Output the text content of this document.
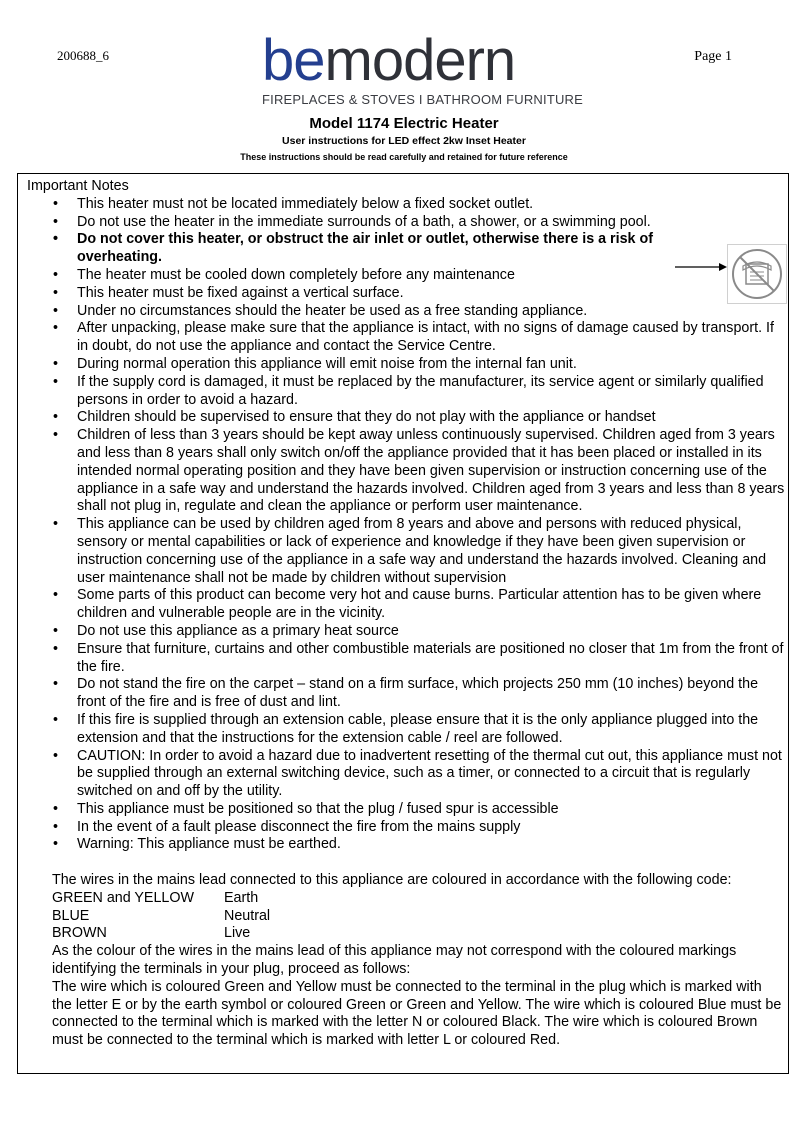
200688_6	Page 1
bemodern
FIREPLACES & STOVES I BATHROOM FURNITURE
Model 1174 Electric Heater
User instructions for LED effect 2kw Inset Heater
These instructions should be read carefully and retained for future reference
Important Notes
• This heater must not be located immediately below a fixed socket outlet.
• Do not use the heater in the immediate surrounds of a bath, a shower, or a swimming pool.
• Do not cover this heater, or obstruct the air inlet or outlet, otherwise there is a risk of overheating.
• The heater must be cooled down completely before any maintenance
• This heater must be fixed against a vertical surface.
• Under no circumstances should the heater be used as a free standing appliance.
• After unpacking, please make sure that the appliance is intact, with no signs of damage caused by transport. If in doubt, do not use the appliance and contact the Service Centre.
• During normal operation this appliance will emit noise from the internal fan unit.
• If the supply cord is damaged, it must be replaced by the manufacturer, its service agent or similarly qualified persons in order to avoid a hazard.
• Children should be supervised to ensure that they do not play with the appliance or handset
• Children of less than 3 years should be kept away unless continuously supervised. Children aged from 3 years and less than 8 years shall only switch on/off the appliance provided that it has been placed or installed in its intended normal operating position and they have been given supervision or instruction concerning use of the appliance in a safe way and understand the hazards involved. Children aged from 3 years and less than 8 years shall not plug in, regulate and clean the appliance or perform user maintenance.
• This appliance can be used by children aged from 8 years and above and persons with reduced physical, sensory or mental capabilities or lack of experience and knowledge if they have been given supervision or instruction concerning use of the appliance in a safe way and understand the hazards involved. Cleaning and user maintenance shall not be made by children without supervision
• Some parts of this product can become very hot and cause burns. Particular attention has to be given where children and vulnerable people are in the vicinity.
• Do not use this appliance as a primary heat source
• Ensure that furniture, curtains and other combustible materials are positioned no closer that 1m from the front of the fire.
• Do not stand the fire on the carpet – stand on a firm surface, which projects 250 mm (10 inches) beyond the front of the fire and is free of dust and lint.
• If this fire is supplied through an extension cable, please ensure that it is the only appliance plugged into the extension and that the instructions for the extension cable / reel are followed.
• CAUTION: In order to avoid a hazard due to inadvertent resetting of the thermal cut out, this appliance must not be supplied through an external switching device, such as a timer, or connected to a circuit that is regularly switched on and off by the utility.
• This appliance must be positioned so that the plug / fused spur is accessible
• In the event of a fault please disconnect the fire from the mains supply
• Warning: This appliance must be earthed.
The wires in the mains lead connected to this appliance are coloured in accordance with the following code:
GREEN and YELLOW	Earth
BLUE	Neutral
BROWN	Live
As the colour of the wires in the mains lead of this appliance may not correspond with the coloured markings identifying the terminals in your plug, proceed as follows:
The wire which is coloured Green and Yellow must be connected to the terminal in the plug which is marked with the letter E or by the earth symbol or coloured Green or Green and Yellow. The wire which is coloured Blue must be connected to the terminal which is marked with the letter N or coloured Black. The wire which is coloured Brown must be connected to the terminal which is marked with letter L or coloured Red.
